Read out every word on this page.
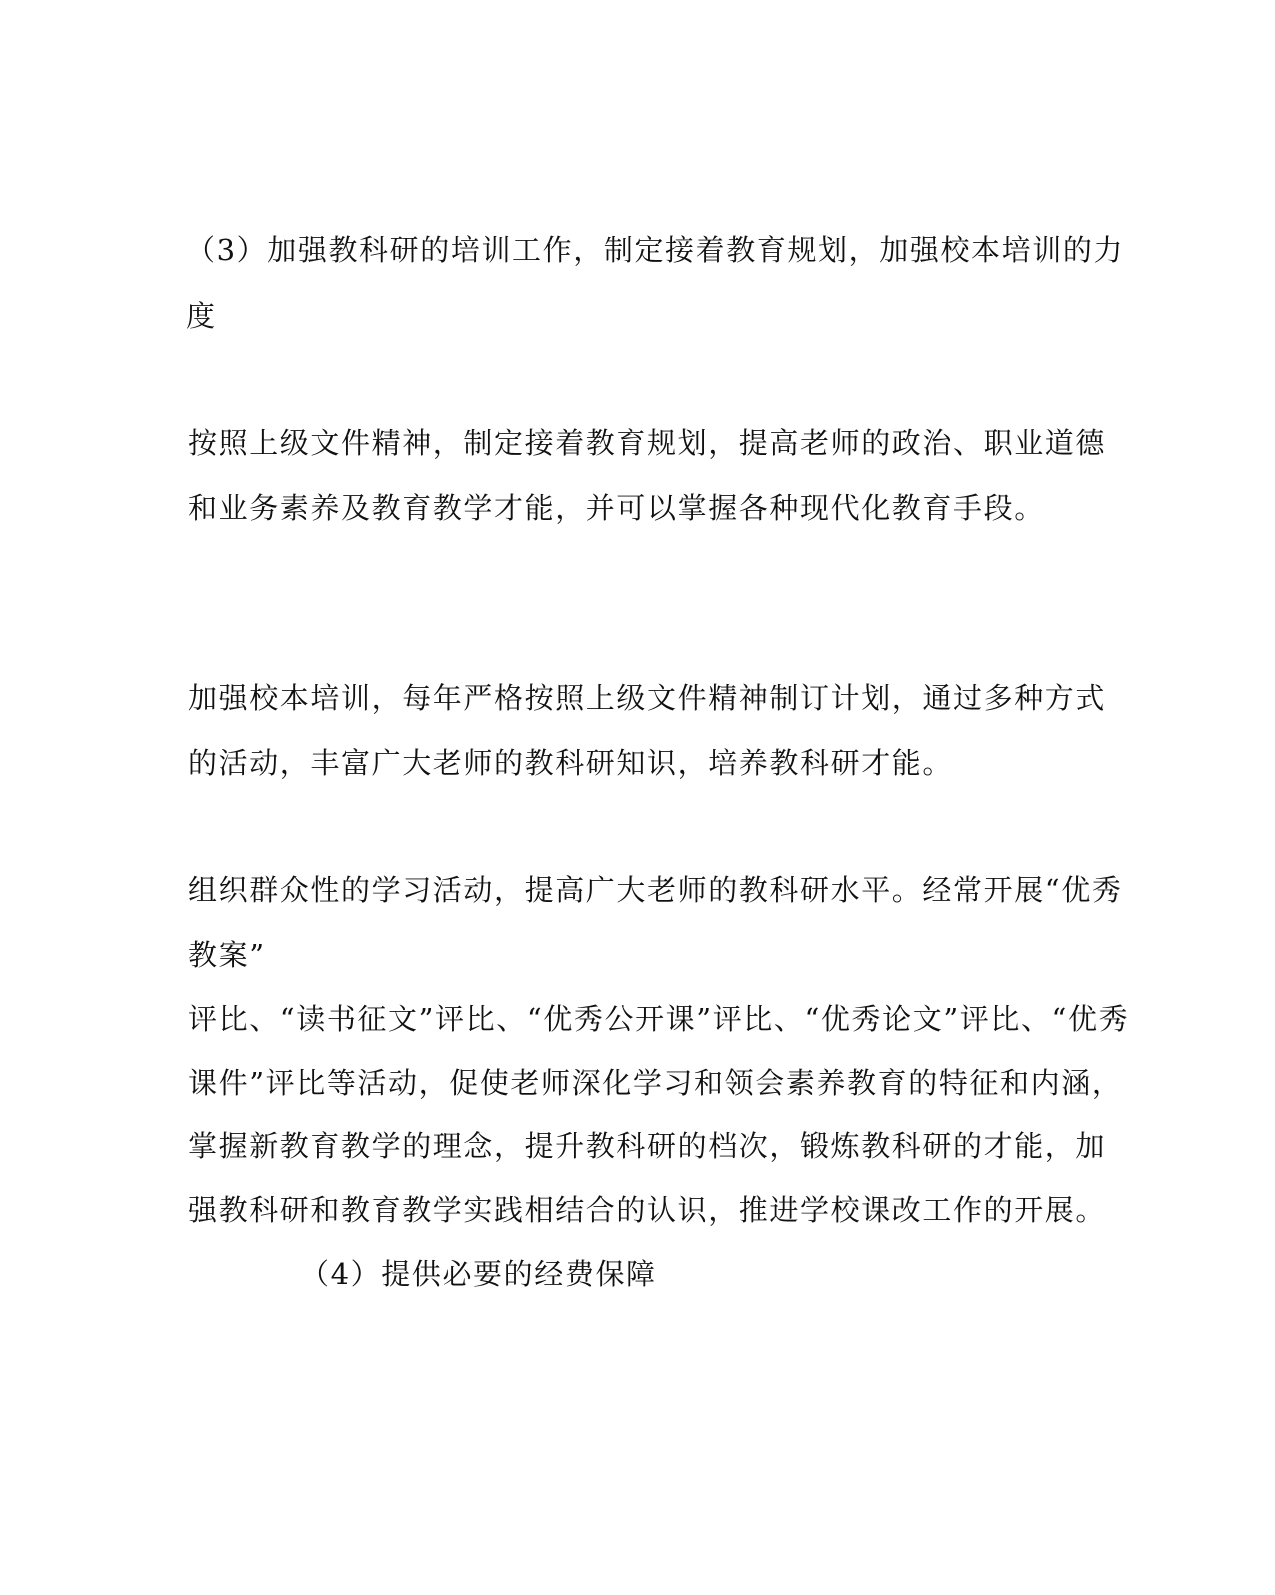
（3）加强教科研的培训工作，制定接着教育规划，加强校本培训的力
度
按照上级文件精神，制定接着教育规划，提高老师的政治、职业道德
和业务素养及教育教学才能，并可以掌握各种现代化教育手段。
加强校本培训，每年严格按照上级文件精神制订计划，通过多种方式
的活动，丰富广大老师的教科研知识，培养教科研才能。
组织群众性的学习活动，提高广大老师的教科研水平。经常开展“优秀
教案”
评比、“读书征文”评比、“优秀公开课”评比、“优秀论文”评比、“优秀
课件”评比等活动，促使老师深化学习和领会素养教育的特征和内涵，
掌握新教育教学的理念，提升教科研的档次，锻炼教科研的才能，加
强教科研和教育教学实践相结合的认识，推进学校课改工作的开展。
（4）提供必要的经费保障
